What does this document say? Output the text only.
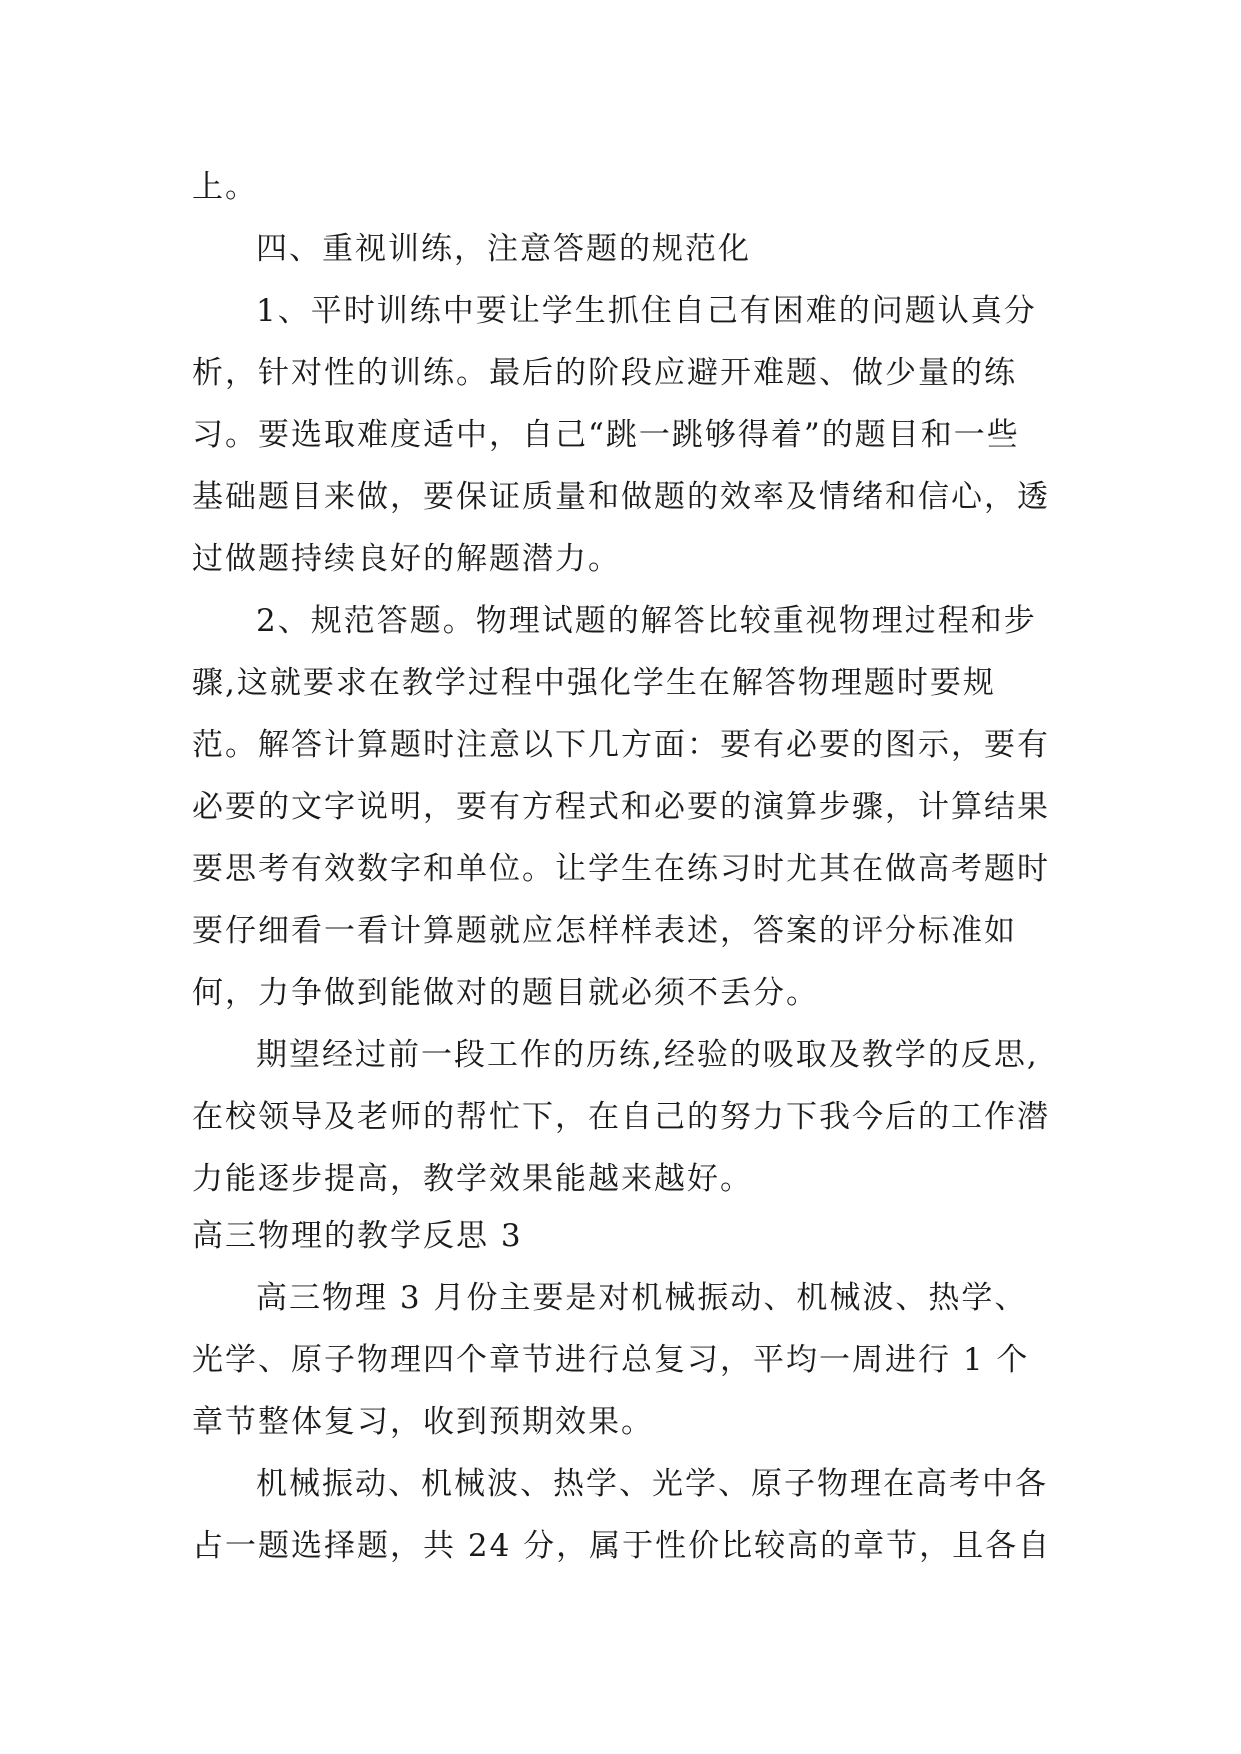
上。

四、重视训练，注意答题的规范化

1、平时训练中要让学生抓住自己有困难的问题认真分析，针对性的训练。最后的阶段应避开难题、做少量的练习。要选取难度适中，自己“跳一跳够得着”的题目和一些基础题目来做，要保证质量和做题的效率及情绪和信心，透过做题持续良好的解题潜力。

2、规范答题。物理试题的解答比较重视物理过程和步骤,这就要求在教学过程中强化学生在解答物理题时要规范。解答计算题时注意以下几方面：要有必要的图示，要有必要的文字说明，要有方程式和必要的演算步骤，计算结果要思考有效数字和单位。让学生在练习时尤其在做高考题时要仔细看一看计算题就应怎样样表述，答案的评分标准如何，力争做到能做对的题目就必须不丢分。

期望经过前一段工作的历练,经验的吸取及教学的反思,在校领导及老师的帮忙下，在自己的努力下我今后的工作潜力能逐步提高，教学效果能越来越好。

高三物理的教学反思 3

高三物理 3 月份主要是对机械振动、机械波、热学、光学、原子物理四个章节进行总复习，平均一周进行 1 个章节整体复习，收到预期效果。

机械振动、机械波、热学、光学、原子物理在高考中各占一题选择题，共 24 分，属于性价比较高的章节，且各自
